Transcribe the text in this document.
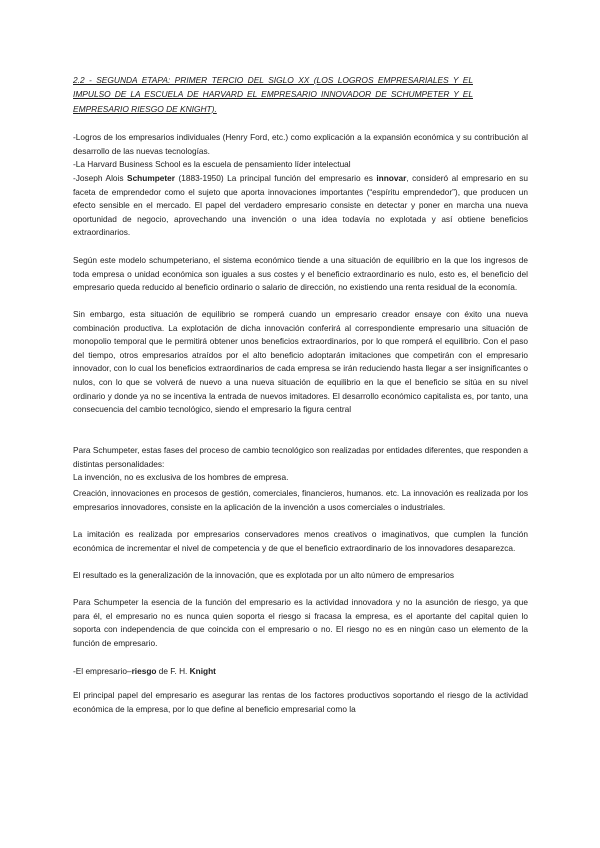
2.2 - SEGUNDA ETAPA: PRIMER TERCIO DEL SIGLO XX (LOS LOGROS EMPRESARIALES Y EL IMPULSO DE LA ESCUELA DE HARVARD EL EMPRESARIO INNOVADOR DE SCHUMPETER Y EL EMPRESARIO RIESGO DE KNIGHT).

-Logros de los empresarios individuales (Henry Ford, etc.) como explicación a la expansión económica y su contribución al desarrollo de las nuevas tecnologías.

-La Harvard Business School es la escuela de pensamiento líder intelectual

-Joseph Alois Schumpeter (1883-1950) La principal función del empresario es innovar, consideró al empresario en su faceta de emprendedor como el sujeto que aporta innovaciones importantes (“espíritu emprendedor”), que producen un efecto sensible en el mercado. El papel del verdadero empresario consiste en detectar y poner en marcha una nueva oportunidad de negocio, aprovechando una invención o una idea todavía no explotada y así obtiene beneficios extraordinarios.

Según este modelo schumpeteriano, el sistema económico tiende a una situación de equilibrio en la que los ingresos de toda empresa o unidad económica son iguales a sus costes y el beneficio extraordinario es nulo, esto es, el beneficio del empresario queda reducido al beneficio ordinario o salario de dirección, no existiendo una renta residual de la economía.

Sin embargo, esta situación de equilibrio se romperá cuando un empresario creador ensaye con éxito una nueva combinación productiva. La explotación de dicha innovación conferirá al correspondiente empresario una situación de monopolio temporal que le permitirá obtener unos beneficios extraordinarios, por lo que romperá el equilibrio. Con el paso del tiempo, otros empresarios atraídos por el alto beneficio adoptarán imitaciones que competirán con el empresario innovador, con lo cual los beneficios extraordinarios de cada empresa se irán reduciendo hasta llegar a ser insignificantes o nulos, con lo que se volverá de nuevo a una nueva situación de equilibrio en la que el beneficio se sitúa en su nivel ordinario y donde ya no se incentiva la entrada de nuevos imitadores. El desarrollo económico capitalista es, por tanto, una consecuencia del cambio tecnológico, siendo el empresario la figura central

Para Schumpeter, estas fases del proceso de cambio tecnológico son realizadas por entidades diferentes, que responden a distintas personalidades:

La invención, no es exclusiva de los hombres de empresa.

Creación, innovaciones en procesos de gestión, comerciales, financieros, humanos. etc. La innovación es realizada por los empresarios innovadores, consiste en la aplicación de la invención a usos comerciales o industriales.

La imitación es realizada por empresarios conservadores menos creativos o imaginativos, que cumplen la función económica de incrementar el nivel de competencia y de que el beneficio extraordinario de los innovadores desaparezca.

El resultado es la generalización de la innovación, que es explotada por un alto número de empresarios

Para Schumpeter la esencia de la función del empresario es la actividad innovadora y no la asunción de riesgo, ya que para él, el empresario no es nunca quien soporta el riesgo si fracasa la empresa, es el aportante del capital quien lo soporta con independencia de que coincida con el empresario o no. El riesgo no es en ningún caso un elemento de la función de empresario.

-El empresario–riesgo de F. H. Knight

El principal papel del empresario es asegurar las rentas de los factores productivos soportando el riesgo de la actividad económica de la empresa, por lo que define al beneficio empresarial como la
